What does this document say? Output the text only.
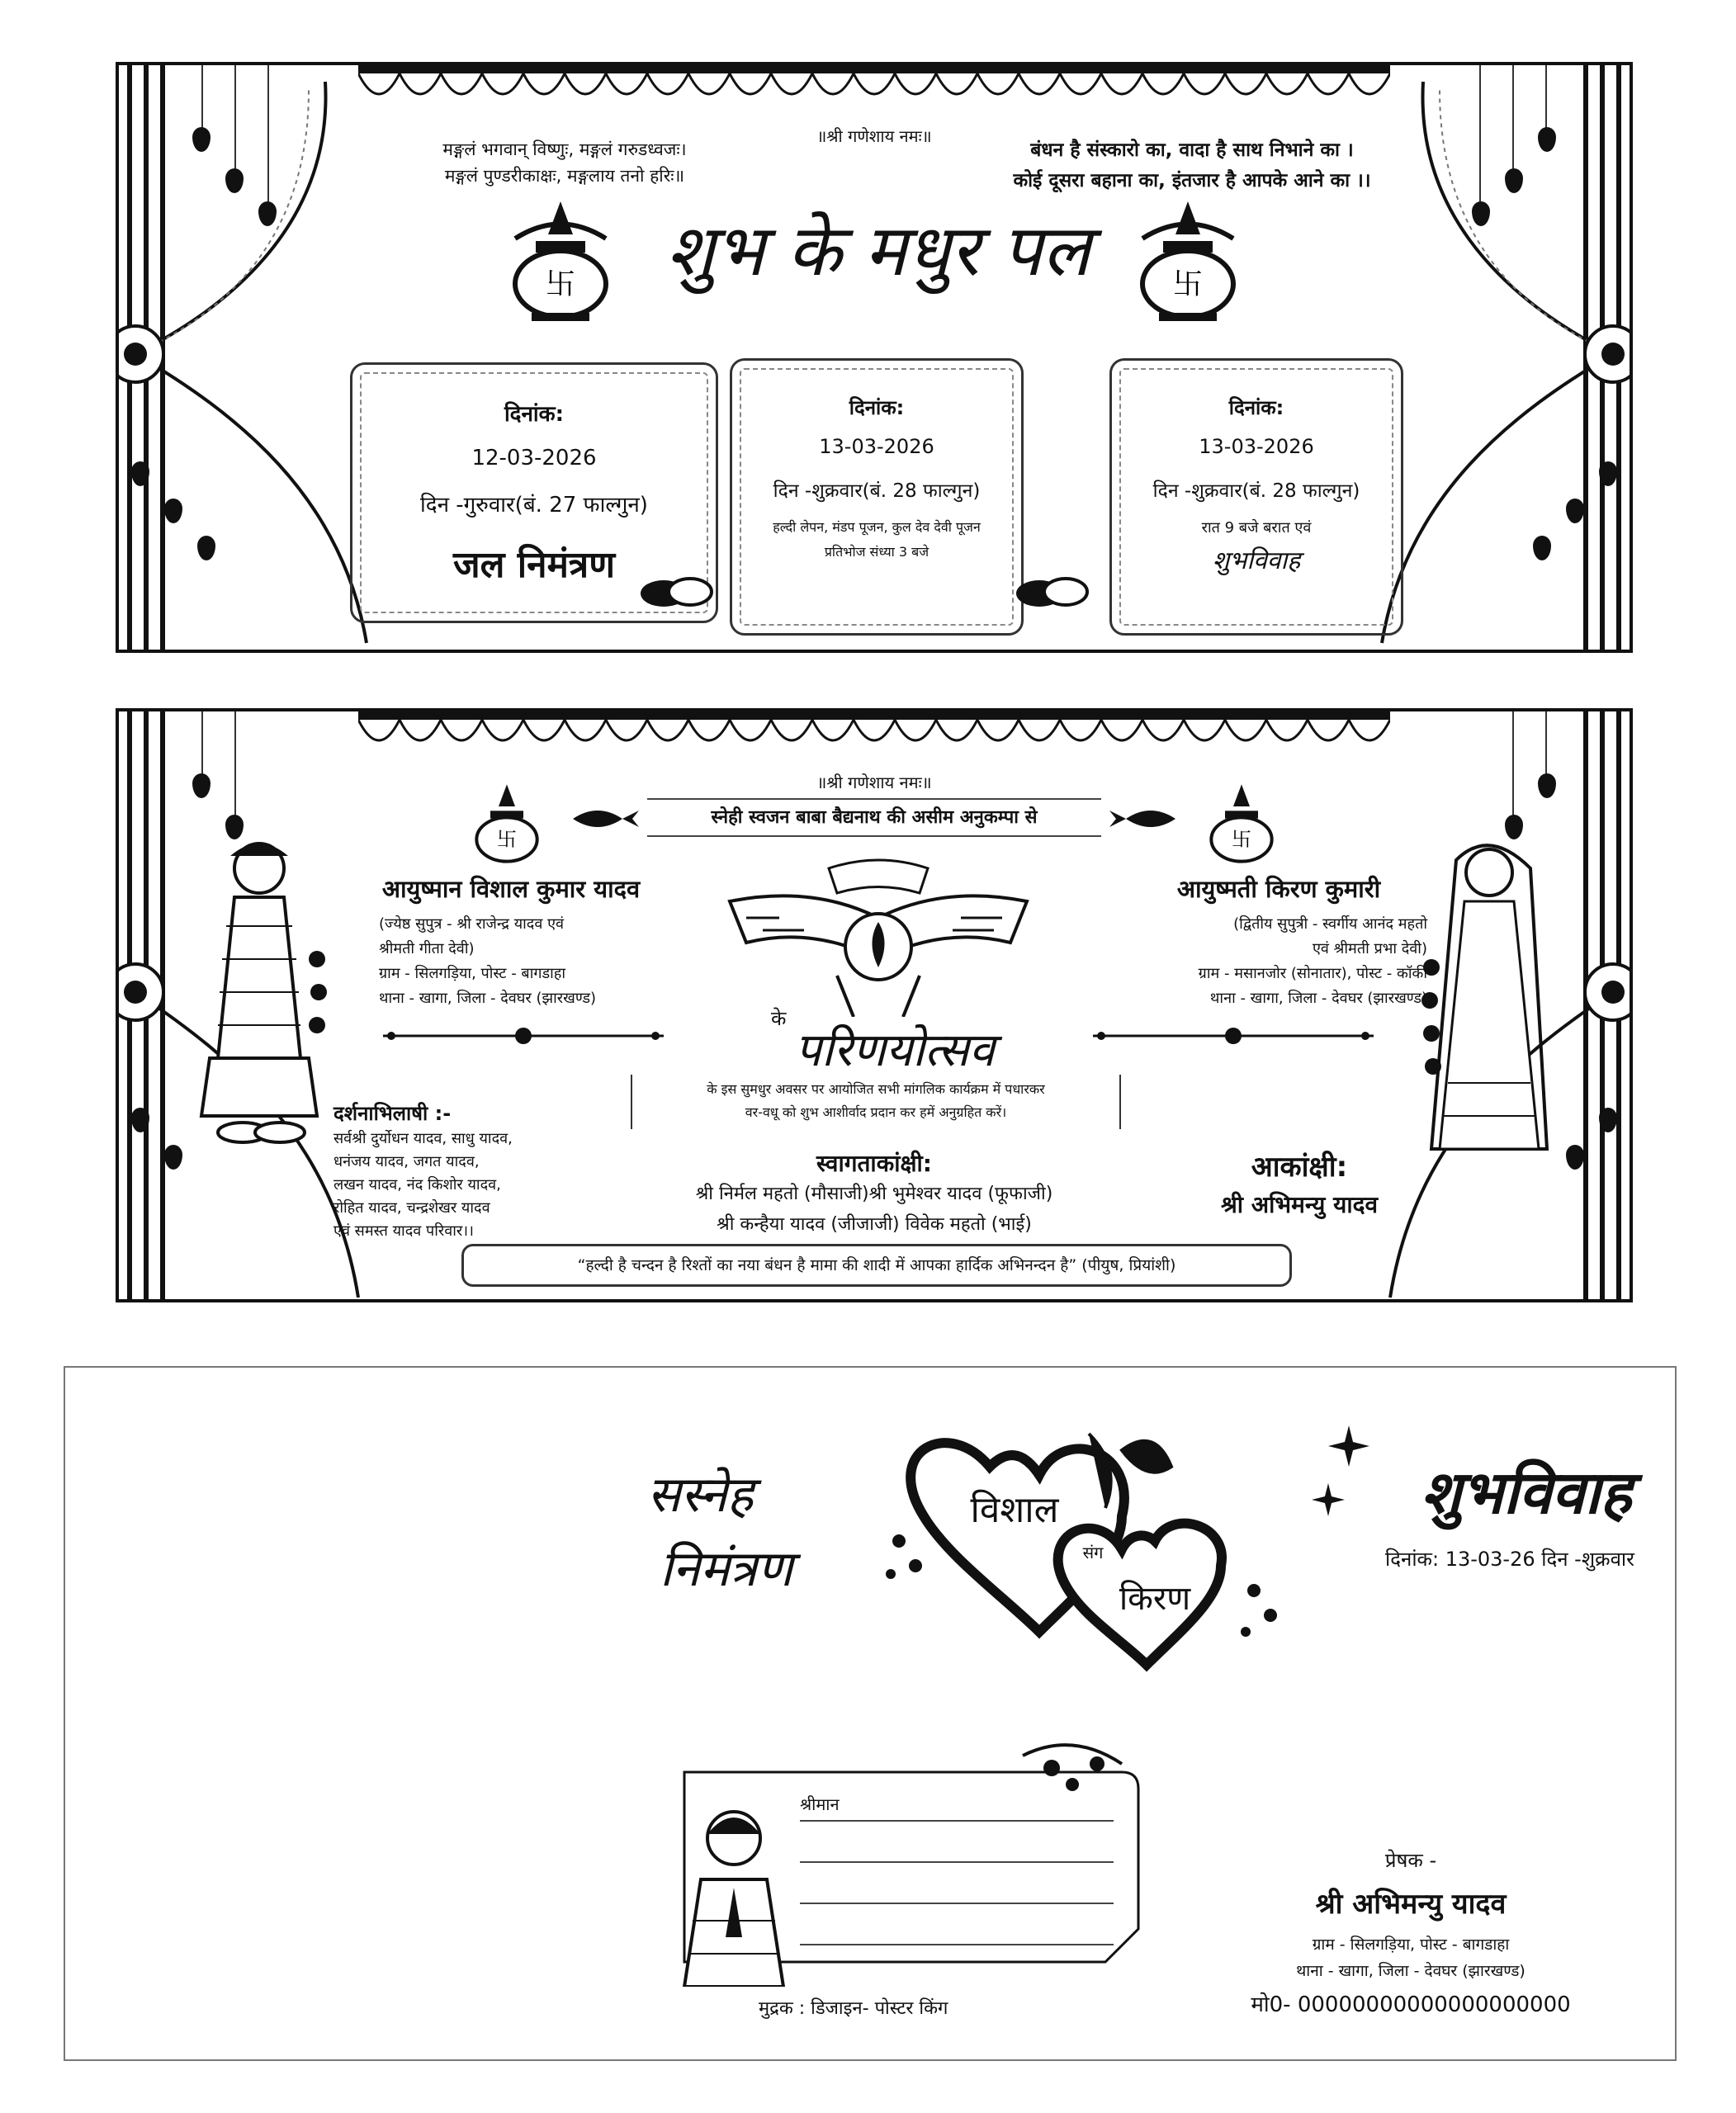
॥श्री गणेशाय नमः॥
मङ्गलं भगवान् विष्णुः, मङ्गलं गरुडध्वजः।
मङ्गलं पुण्डरीकाक्षः, मङ्गलाय तनो हरिः॥
बंधन है संस्कारो का, वादा है साथ निभाने का ।
कोई दूसरा बहाना का, इंतजार है आपके आने का ।।
卐	卐
शुभ के मधुर पल
दिनांक:
12-03-2026
दिन -गुरुवार(बं. 27 फाल्गुन)
जल निमंत्रण
दिनांक:
13-03-2026
दिन -शुक्रवार(बं. 28 फाल्गुन)
हल्दी लेपन, मंडप पूजन, कुल देव देवी पूजन
प्रतिभोज संध्या 3 बजे
दिनांक:
13-03-2026
दिन -शुक्रवार(बं. 28 फाल्गुन)
रात 9 बजे बरात एवं
शुभविवाह
॥श्री गणेशाय नमः॥
卐	卐
स्नेही स्वजन बाबा बैद्यनाथ की असीम अनुकम्पा से
आयुष्मान विशाल कुमार यादव
(ज्येष्ठ सुपुत्र - श्री राजेन्द्र यादव एवं
श्रीमती गीता देवी)
ग्राम - सिलगड़िया, पोस्ट - बागडाहा
थाना - खागा, जिला - देवघर (झारखण्ड)
आयुष्मती किरण कुमारी
(द्वितीय सुपुत्री - स्वर्गीय आनंद महतो
एवं श्रीमती प्रभा देवी)
ग्राम - मसानजोर (सोनातार), पोस्ट - कॉकी
थाना - खागा, जिला - देवघर (झारखण्ड)
के
परिणयोत्सव
के इस सुमधुर अवसर पर आयोजित सभी मांगलिक कार्यक्रम में पधारकर
वर-वधू को शुभ आशीर्वाद प्रदान कर हमें अनुग्रहित करें।
दर्शनाभिलाषी :-
सर्वश्री दुर्योधन यादव, साधु यादव,
धनंजय यादव, जगत यादव,
लखन यादव, नंद किशोर यादव,
रोहित यादव, चन्द्रशेखर यादव
एवं समस्त यादव परिवार।।
स्वागताकांक्षी:
श्री निर्मल महतो (मौसाजी)श्री भुमेश्वर यादव (फूफाजी)
श्री कन्हैया यादव (जीजाजी) विवेक महतो (भाई)
आकांक्षी:
श्री अभिमन्यु यादव
“हल्दी है चन्दन है रिश्तों का नया बंधन है मामा की शादी में आपका हार्दिक अभिनन्दन है” (पीयुष, प्रियांशी)
सस्नेह
निमंत्रण
विशाल
संग
किरण
शुभविवाह
दिनांक: 13-03-26 दिन -शुक्रवार
श्रीमान
मुद्रक : डिजाइन- पोस्टर किंग
प्रेषक -
श्री अभिमन्यु यादव
ग्राम - सिलगड़िया, पोस्ट - बागडाहा
थाना - खागा, जिला - देवघर (झारखण्ड)
मो0- 00000000000000000000
